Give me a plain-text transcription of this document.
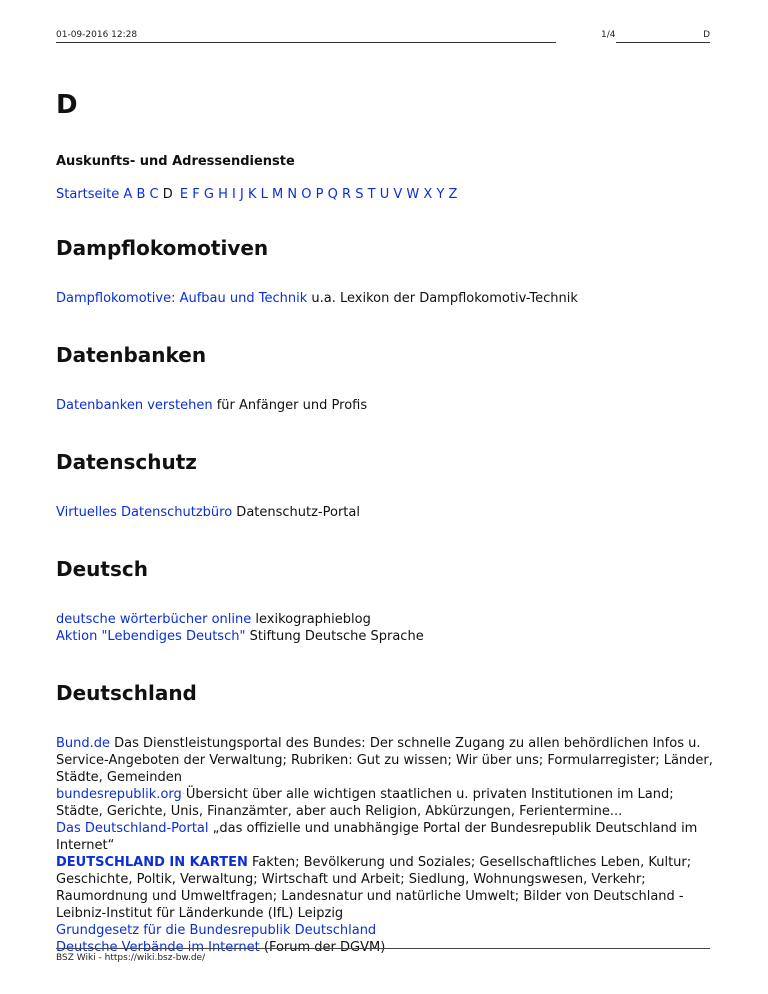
01-09-2016 12:28	1/4	D
D
Auskunfts- und Adressendienste
Startseite A B C D E F G H I J K L M N O P Q R S T U V W X Y Z
Dampflokomotiven
Dampflokomotive: Aufbau und Technik u.a. Lexikon der Dampflokomotiv-Technik
Datenbanken
Datenbanken verstehen für Anfänger und Profis
Datenschutz
Virtuelles Datenschutzbüro Datenschutz-Portal
Deutsch
deutsche wörterbücher online lexikographieblog
Aktion "Lebendiges Deutsch" Stiftung Deutsche Sprache
Deutschland
Bund.de Das Dienstleistungsportal des Bundes: Der schnelle Zugang zu allen behördlichen Infos u. Service-Angeboten der Verwaltung; Rubriken: Gut zu wissen; Wir über uns; Formularregister; Länder, Städte, Gemeinden
bundesrepublik.org Übersicht über alle wichtigen staatlichen u. privaten Institutionen im Land; Städte, Gerichte, Unis, Finanzämter, aber auch Religion, Abkürzungen, Ferientermine...
Das Deutschland-Portal „das offizielle und unabhängige Portal der Bundesrepublik Deutschland im Internet“
DEUTSCHLAND IN KARTEN Fakten; Bevölkerung und Soziales; Gesellschaftliches Leben, Kultur; Geschichte, Poltik, Verwaltung; Wirtschaft und Arbeit; Siedlung, Wohnungswesen, Verkehr; Raumordnung und Umweltfragen; Landesnatur und natürliche Umwelt; Bilder von Deutschland - Leibniz-Institut für Länderkunde (IfL) Leipzig
Grundgesetz für die Bundesrepublik Deutschland
Deutsche Verbände im Internet (Forum der DGVM)
BSZ Wiki - https://wiki.bsz-bw.de/
